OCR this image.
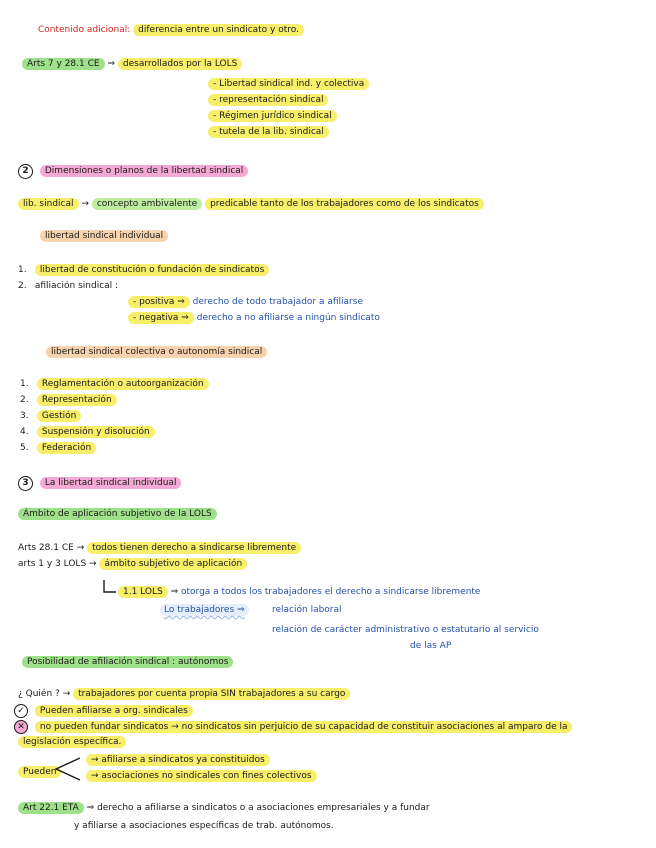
Contenido adicional: diferencia entre un sindicato y otro.
Arts 7 y 28.1 CE ⇒ desarrollados por la LOLS
- Libertad sindical ind. y colectiva
- representación sindical
- Régimen jurídico sindical
- tutela de la lib. sindical
2 Dimensiones o planos de la libertad sindical
lib. sindical → concepto ambivalente predicable tanto de los trabajadores como de los sindicatos
libertad sindical individual
1. libertad de constitución o fundación de sindicatos
2. afiliación sindical :
- positiva ⇒ derecho de todo trabajador a afiliarse
- negativa ⇒ derecho a no afiliarse a ningún sindicato
libertad sindical colectiva o autonomía sindical
1. Reglamentación o autoorganización
2. Representación
3. Gestión
4. Suspensión y disolución
5. Federación
3 La libertad sindical individual
Ámbito de aplicación subjetivo de la LOLS
Arts 28.1 CE → todos tienen derecho a sindicarse libremente
arts 1 y 3 LOLS → ámbito subjetivo de aplicación
1.1 LOLS ⇒ otorga a todos los trabajadores el derecho a sindicarse libremente
Lo trabajadores ⇒	relación laboral
relación de carácter administrativo o estatutario al servicio
de las AP
Posibilidad de afiliación sindical : autónomos
¿ Quién ? → trabajadores por cuenta propia SIN trabajadores a su cargo
✓ Pueden afiliarse a org. sindicales
✕ no pueden fundar sindicatos → no sindicatos sin perjuicio de su capacidad de constituir asociaciones al amparo de la
legislación específica.
Pueden
→ afiliarse a sindicatos ya constituidos
→ asociaciones no sindicales con fines colectivos
Art 22.1 ETA ⇒ derecho a afiliarse a sindicatos o a asociaciones empresariales y a fundar
y afiliarse a asociaciones específicas de trab. autónomos.
